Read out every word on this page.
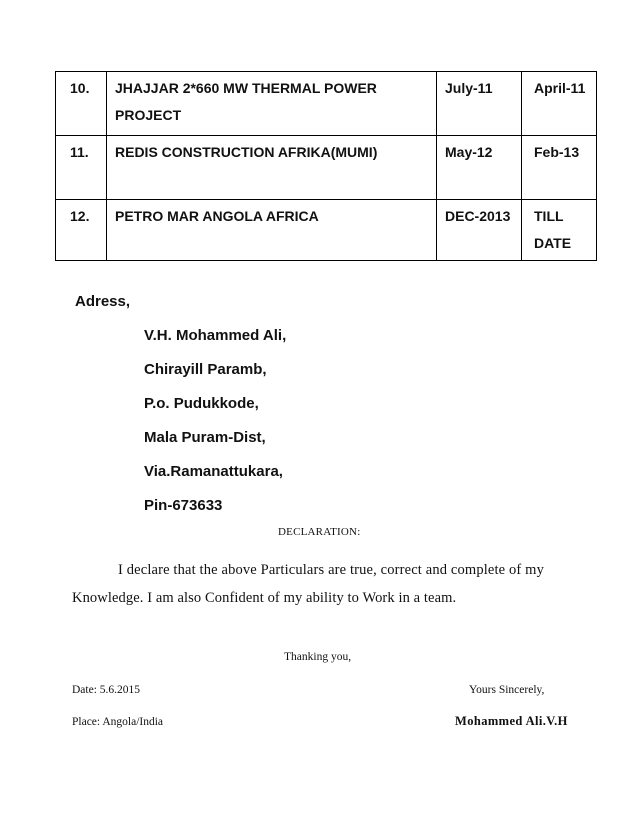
10.	JHAJJAR 2*660 MW THERMAL POWER
PROJECT	July-11	April-11

11.	REDIS CONSTRUCTION AFRIKA(MUMI)	May-12	Feb-13

12.	PETRO MAR ANGOLA AFRICA	DEC-2013	TILL
DATE
Adress,
V.H. Mohammed Ali,
Chirayill Paramb,
P.o. Pudukkode,
Mala Puram-Dist,
Via.Ramanattukara,
Pin-673633
DECLARATION:
I declare that the above Particulars are true, correct and complete of my
Knowledge. I am also Confident of my ability to Work in a team.
Thanking you,
Date: 5.6.2015
Place: Angola/India
Yours Sincerely,
Mohammed Ali.V.H
